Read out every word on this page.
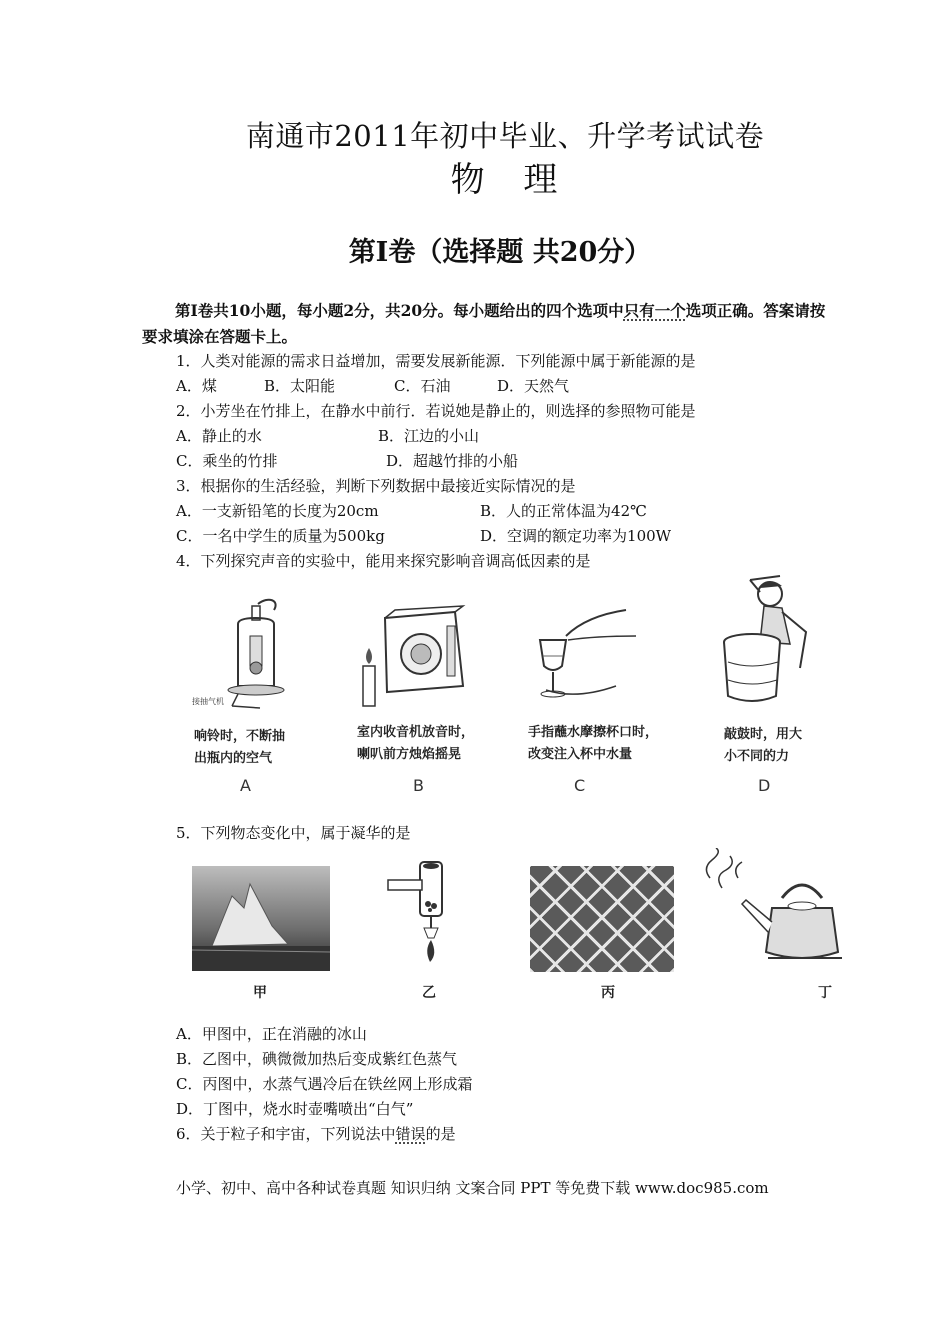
南通市2011年初中毕业、升学考试试卷
物 理
第Ⅰ卷（选择题 共20分）
第Ⅰ卷共10小题，每小题2分，共20分。每小题给出的四个选项中只有一个选项正确。答案请按要求填涂在答题卡上。
1．人类对能源的需求日益增加，需要发展新能源．下列能源中属于新能源的是
A．煤	B．太阳能	C．石油	D．天然气
2．小芳坐在竹排上，在静水中前行．若说她是静止的，则选择的参照物可能是
A．静止的水	B．江边的小山
C．乘坐的竹排	D．超越竹排的小船
3．根据你的生活经验，判断下列数据中最接近实际情况的是
A．一支新铅笔的长度为20cm	B．人的正常体温为42℃
C．一名中学生的质量为500kg	D．空调的额定功率为100W
4．下列探究声音的实验中，能用来探究影响音调高低因素的是
接抽气机
响铃时，不断抽
出瓶内的空气
A
室内收音机放音时，
喇叭前方烛焰摇晃
B
手指蘸水摩擦杯口时，
改变注入杯中水量
C
敲鼓时，用大
小不同的力
D
5．下列物态变化中，属于凝华的是
甲	乙	丙	丁
A．甲图中，正在消融的冰山
B．乙图中，碘微微加热后变成紫红色蒸气
C．丙图中，水蒸气遇冷后在铁丝网上形成霜
D．丁图中，烧水时壶嘴喷出“白气”
6．关于粒子和宇宙，下列说法中错误的是
小学、初中、高中各种试卷真题 知识归纳 文案合同 PPT 等免费下载 www.doc985.com
